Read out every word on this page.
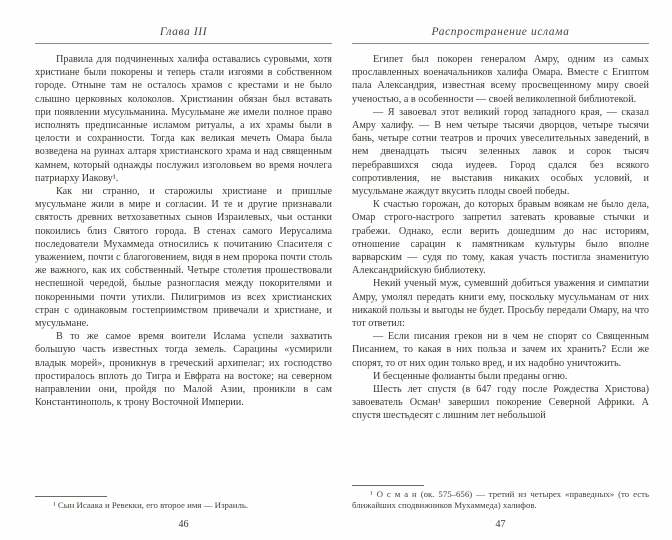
Глава III

Правила для подчиненных халифа оставались суровыми, хотя христиане были покорены и теперь стали изгоями в собственном городе. Отныне там не осталось храмов с крестами и не было слышно церковных колоколов. Христианин обязан был вставать при появлении мусульманина. Мусульмане же имели полное право исполнять предписанные исламом ритуалы, а их храмы были в целости и сохранности. Тогда как великая мечеть Омара была возведена на руинах алтаря христианского храма и над священным камнем, который однажды послужил изголовьем во время ночлега патриарху Иакову¹.

Как ни странно, и старожилы христиане и пришлые мусульмане жили в мире и согласии. И те и другие признавали святость древних ветхозаветных сынов Израилевых, чьи останки покоились близ Святого города. В стенах самого Иерусалима последователи Мухаммеда относились к почитанию Спасителя с уважением, почти с благоговением, видя в нем пророка почти столь же важного, как их собственный. Четыре столетия прошествовали неспешной чередой, былые разногласия между покорителями и покоренными почти утихли. Пилигримов из всех христианских стран с одинаковым гостеприимством привечали и христиане, и мусульмане.

В то же самое время воители Ислама успели захватить большую часть известных тогда земель. Сарацины «усмирили владык морей», проникнув в греческий архипелаг; их господство простиралось вплоть до Тигра и Евфрата на востоке; на северном направлении они, пройдя по Малой Азии, проникли в сам Константинополь, к трону Восточной Империи.

¹ Сын Исаака и Ревекки, его второе имя — Израиль.

46
Распространение ислама

Египет был покорен генералом Амру, одним из самых прославленных военачальников халифа Омара. Вместе с Египтом пала Александрия, известная всему просвещенному миру своей ученостью, а в особенности — своей великолепной библиотекой.

— Я завоевал этот великий город западного края, — сказал Амру халифу. — В нем четыре тысячи дворцов, четыре тысячи бань, четыре сотни театров и прочих увеселительных заведений, в нем двенадцать тысяч зеленных лавок и сорок тысяч перебравшихся сюда иудеев. Город сдался без всякого сопротивления, не выставив никаких особых условий, и мусульмане жаждут вкусить плоды своей победы.

К счастью горожан, до которых бравым воякам не было дела, Омар строго-настрого запретил затевать кровавые стычки и грабежи. Однако, если верить дошедшим до нас историям, отношение сарацин к памятникам культуры было вполне варварским — судя по тому, какая участь постигла знаменитую Александрийскую библиотеку.

Некий ученый муж, сумевший добиться уважения и симпатии Амру, умолял передать книги ему, поскольку мусульманам от них никакой пользы и выгоды не будет. Просьбу передали Омару, на что тот ответил:

— Если писания греков ни в чем не спорят со Священным Писанием, то какая в них польза и зачем их хранить? Если же спорят, то от них один только вред, и их надобно уничтожить.

И бесценные фолианты были преданы огню.

Шесть лет спустя (в 647 году после Рождества Христова) завоеватель Осман¹ завершил покорение Северной Африки. А спустя шестьдесят с лишним лет небольшой

¹ О с м а н (ок. 575–656) — третий из четырех «праведных» (то есть ближайших сподвижников Мухаммеда) халифов.

47
